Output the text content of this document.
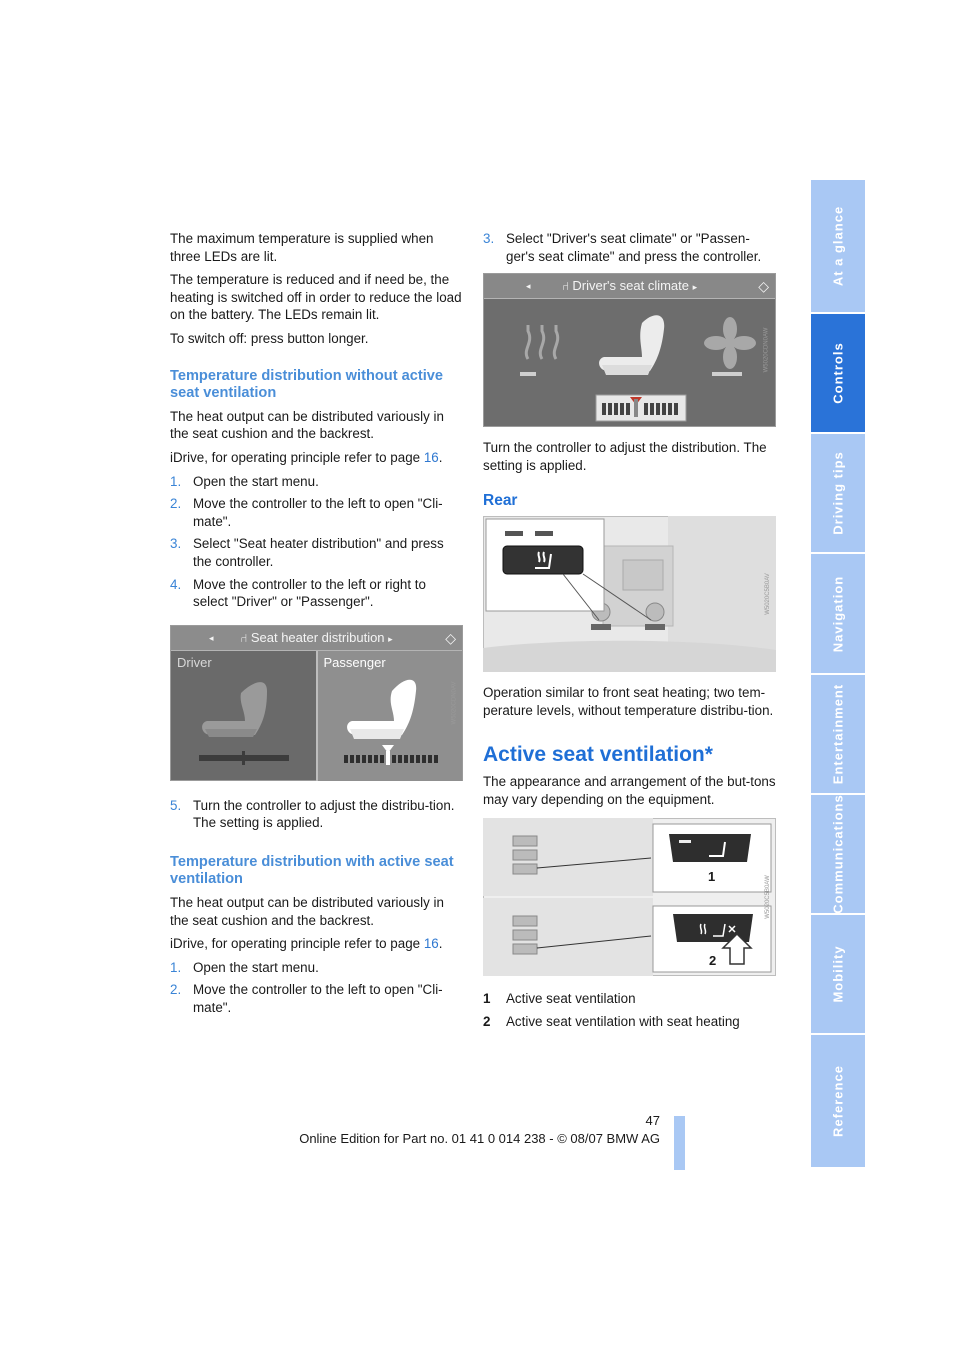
The maximum temperature is supplied when three LEDs are lit.

The temperature is reduced and if need be, the heating is switched off in order to reduce the load on the battery. The LEDs remain lit.

To switch off: press button longer.

Temperature distribution without active seat ventilation

The heat output can be distributed variously in the seat cushion and the backrest.

iDrive, for operating principle refer to page 16.

1. Open the start menu.
2. Move the controller to the left to open "Cli-mate".
3. Select "Seat heater distribution" and press the controller.
4. Move the controller to the left or right to select "Driver" or "Passenger".
◂ ⑁ Seat heater distribution ▸	◇
Driver	Passenger
W5020CDN0AV
5. Turn the controller to adjust the distribu-tion.
The setting is applied.
Temperature distribution with active seat ventilation

The heat output can be distributed variously in the seat cushion and the backrest.

iDrive, for operating principle refer to page 16.

1. Open the start menu.
2. Move the controller to the left to open "Cli-mate".
3. Select "Driver's seat climate" or "Passen-ger's seat climate" and press the controller.
◂	⑁ Driver's seat climate ▸	◇
W5020CDN0AW

Turn the controller to adjust the distribution. The setting is applied.

Rear
W5020C5B0AV

Operation similar to front seat heating; two tem-perature levels, without temperature distribu-tion.

Active seat ventilation*

The appearance and arrangement of the but-tons may vary depending on the equipment.

1
2
W5020C5B0AW
1	Active seat ventilation
2	Active seat ventilation with seat heating
At a glance
Controls
Driving tips
Navigation
Entertainment
Communications
Mobility
Reference
47
Online Edition for Part no. 01 41 0 014 238 - © 08/07 BMW AG
